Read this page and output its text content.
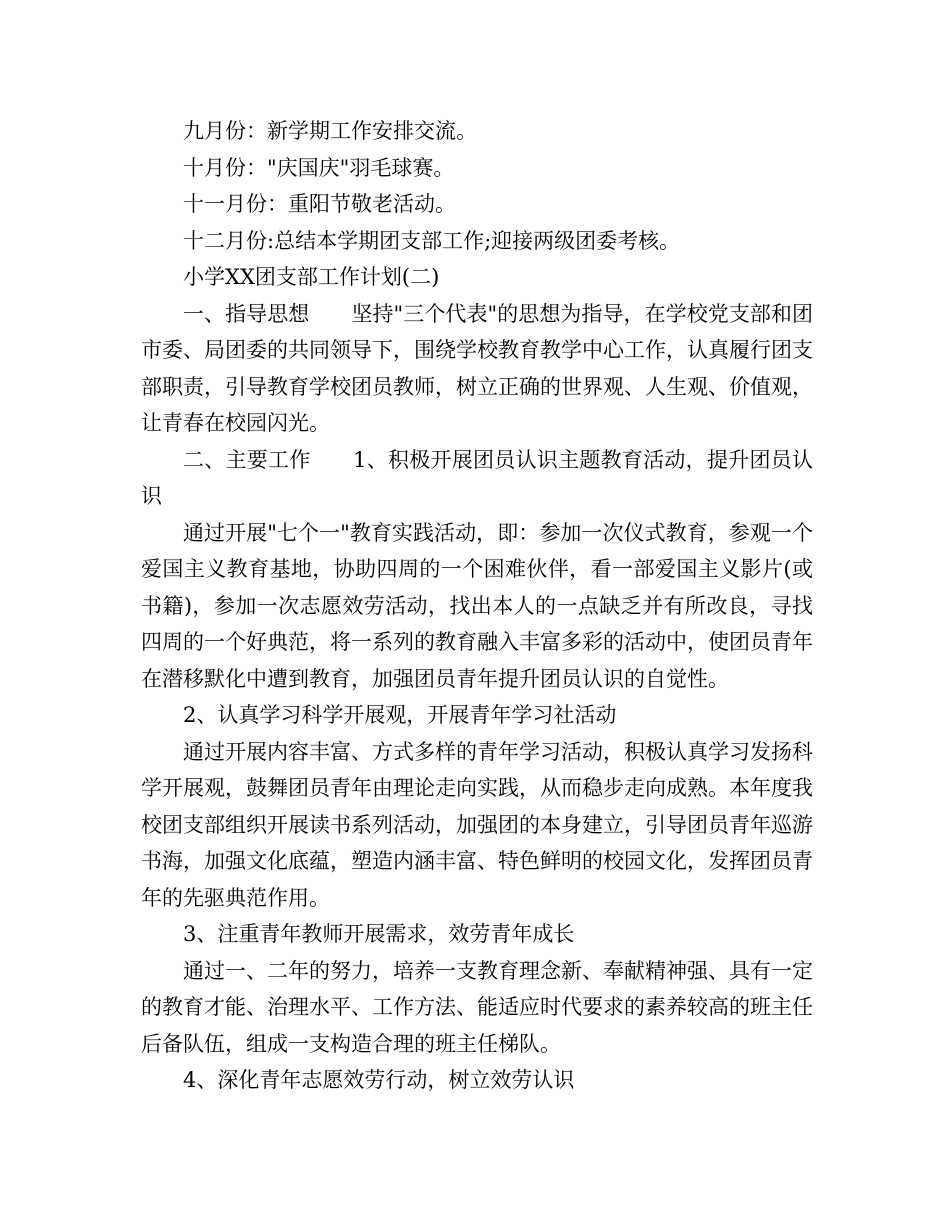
九月份：新学期工作安排交流。

十月份："庆国庆"羽毛球赛。

十一月份：重阳节敬老活动。

十二月份:总结本学期团支部工作;迎接两级团委考核。

小学XX团支部工作计划(二)

一、指导思想　　坚持"三个代表"的思想为指导，在学校党支部和团市委、局团委的共同领导下，围绕学校教育教学中心工作，认真履行团支部职责，引导教育学校团员教师，树立正确的世界观、人生观、价值观，让青春在校园闪光。

二、主要工作　　1、积极开展团员认识主题教育活动，提升团员认识

通过开展"七个一"教育实践活动，即：参加一次仪式教育，参观一个爱国主义教育基地，协助四周的一个困难伙伴，看一部爱国主义影片(或书籍)，参加一次志愿效劳活动，找出本人的一点缺乏并有所改良，寻找四周的一个好典范，将一系列的教育融入丰富多彩的活动中，使团员青年在潜移默化中遭到教育，加强团员青年提升团员认识的自觉性。

2、认真学习科学开展观，开展青年学习社活动

通过开展内容丰富、方式多样的青年学习活动，积极认真学习发扬科学开展观，鼓舞团员青年由理论走向实践，从而稳步走向成熟。本年度我校团支部组织开展读书系列活动，加强团的本身建立，引导团员青年巡游书海，加强文化底蕴，塑造内涵丰富、特色鲜明的校园文化，发挥团员青年的先驱典范作用。

3、注重青年教师开展需求，效劳青年成长

通过一、二年的努力，培养一支教育理念新、奉献精神强、具有一定的教育才能、治理水平、工作方法、能适应时代要求的素养较高的班主任后备队伍，组成一支构造合理的班主任梯队。

4、深化青年志愿效劳行动，树立效劳认识
